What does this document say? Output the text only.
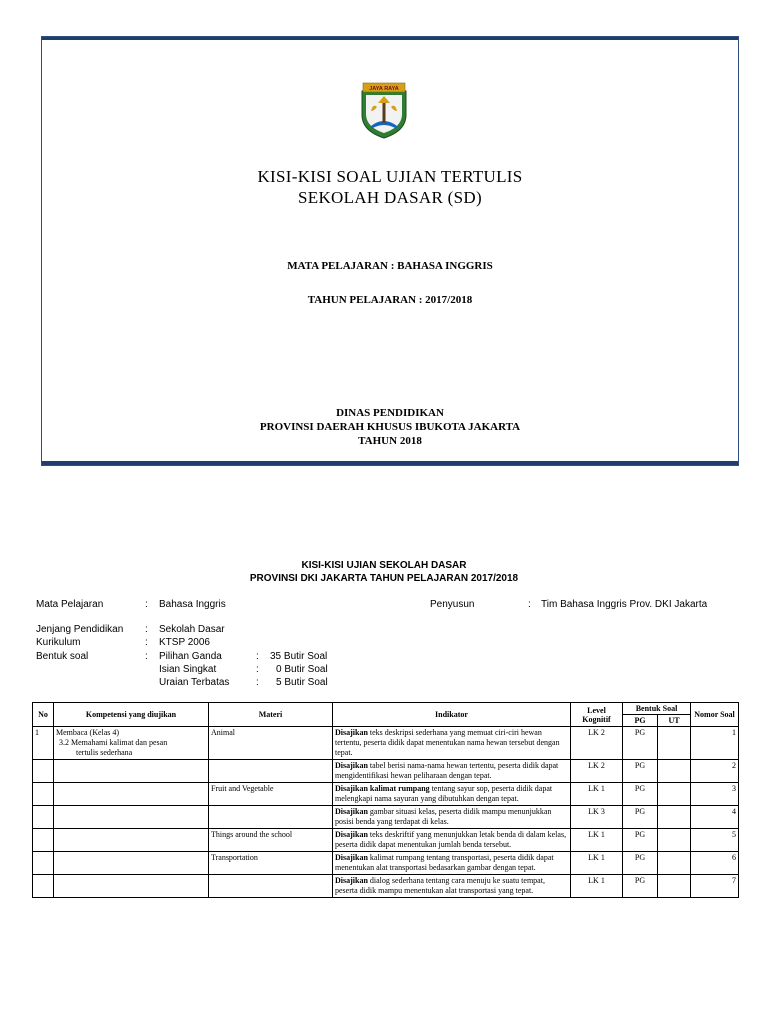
JAYA RAYA
KISI-KISI SOAL UJIAN TERTULIS
SEKOLAH DASAR (SD)
MATA PELAJARAN : BAHASA INGGRIS
TAHUN PELAJARAN : 2017/2018
DINAS PENDIDIKAN
PROVINSI DAERAH KHUSUS IBUKOTA JAKARTA
TAHUN 2018
KISI-KISI UJIAN SEKOLAH DASAR
PROVINSI DKI JAKARTA TAHUN PELAJARAN 2017/2018
Mata Pelajaran	: Bahasa Inggris	Penyusun	: Tim Bahasa Inggris Prov. DKI Jakarta
Jenjang Pendidikan : Sekolah Dasar
Kurikulum	: KTSP 2006
Bentuk soal	: Pilihan Ganda	: 35 Butir Soal
Isian Singkat	: 0 Butir Soal
Uraian Terbatas	: 5 Butir Soal
No	Kompetensi yang diujikan	Materi	Indikator	Level Kognitif	Bentuk Soal		Nomor Soal
					PG	UT	
1	Membaca (Kelas 4)
3.2 Memahami kalimat dan pesan
tertulis sederhana	Animal	Disajikan teks deskripsi sederhana yang memuat ciri-ciri hewan tertentu, peserta didik dapat menentukan nama hewan tersebut dengan tepat.	LK 2	PG		1

		Disajikan tabel berisi nama-nama hewan tertentu, peserta didik dapat mengidentifikasi hewan peliharaan dengan tepat.	LK 2	PG		2

	Fruit and Vegetable	Disajikan kalimat rumpang tentang sayur sop, peserta didik dapat melengkapi nama sayuran yang dibutuhkan dengan tepat.	LK 1	PG		3

		Disajikan gambar situasi kelas, peserta didik mampu menunjukkan posisi benda yang terdapat di kelas.	LK 3	PG		4

	Things around the school	Disajikan teks deskriftif yang menunjukkan letak benda di dalam kelas, peserta didik dapat menentukan jumlah benda tersebut.	LK 1	PG		5

	Transportation	Disajikan kalimat rumpang tentang transportasi, peserta didik dapat menentukan alat transportasi bedasarkan gambar dengan tepat.	LK 1	PG		6

		Disajikan dialog sederhana tentang cara menuju ke suatu tempat, peserta didik mampu menentukan alat transportasi yang tepat.	LK 1	PG		7
